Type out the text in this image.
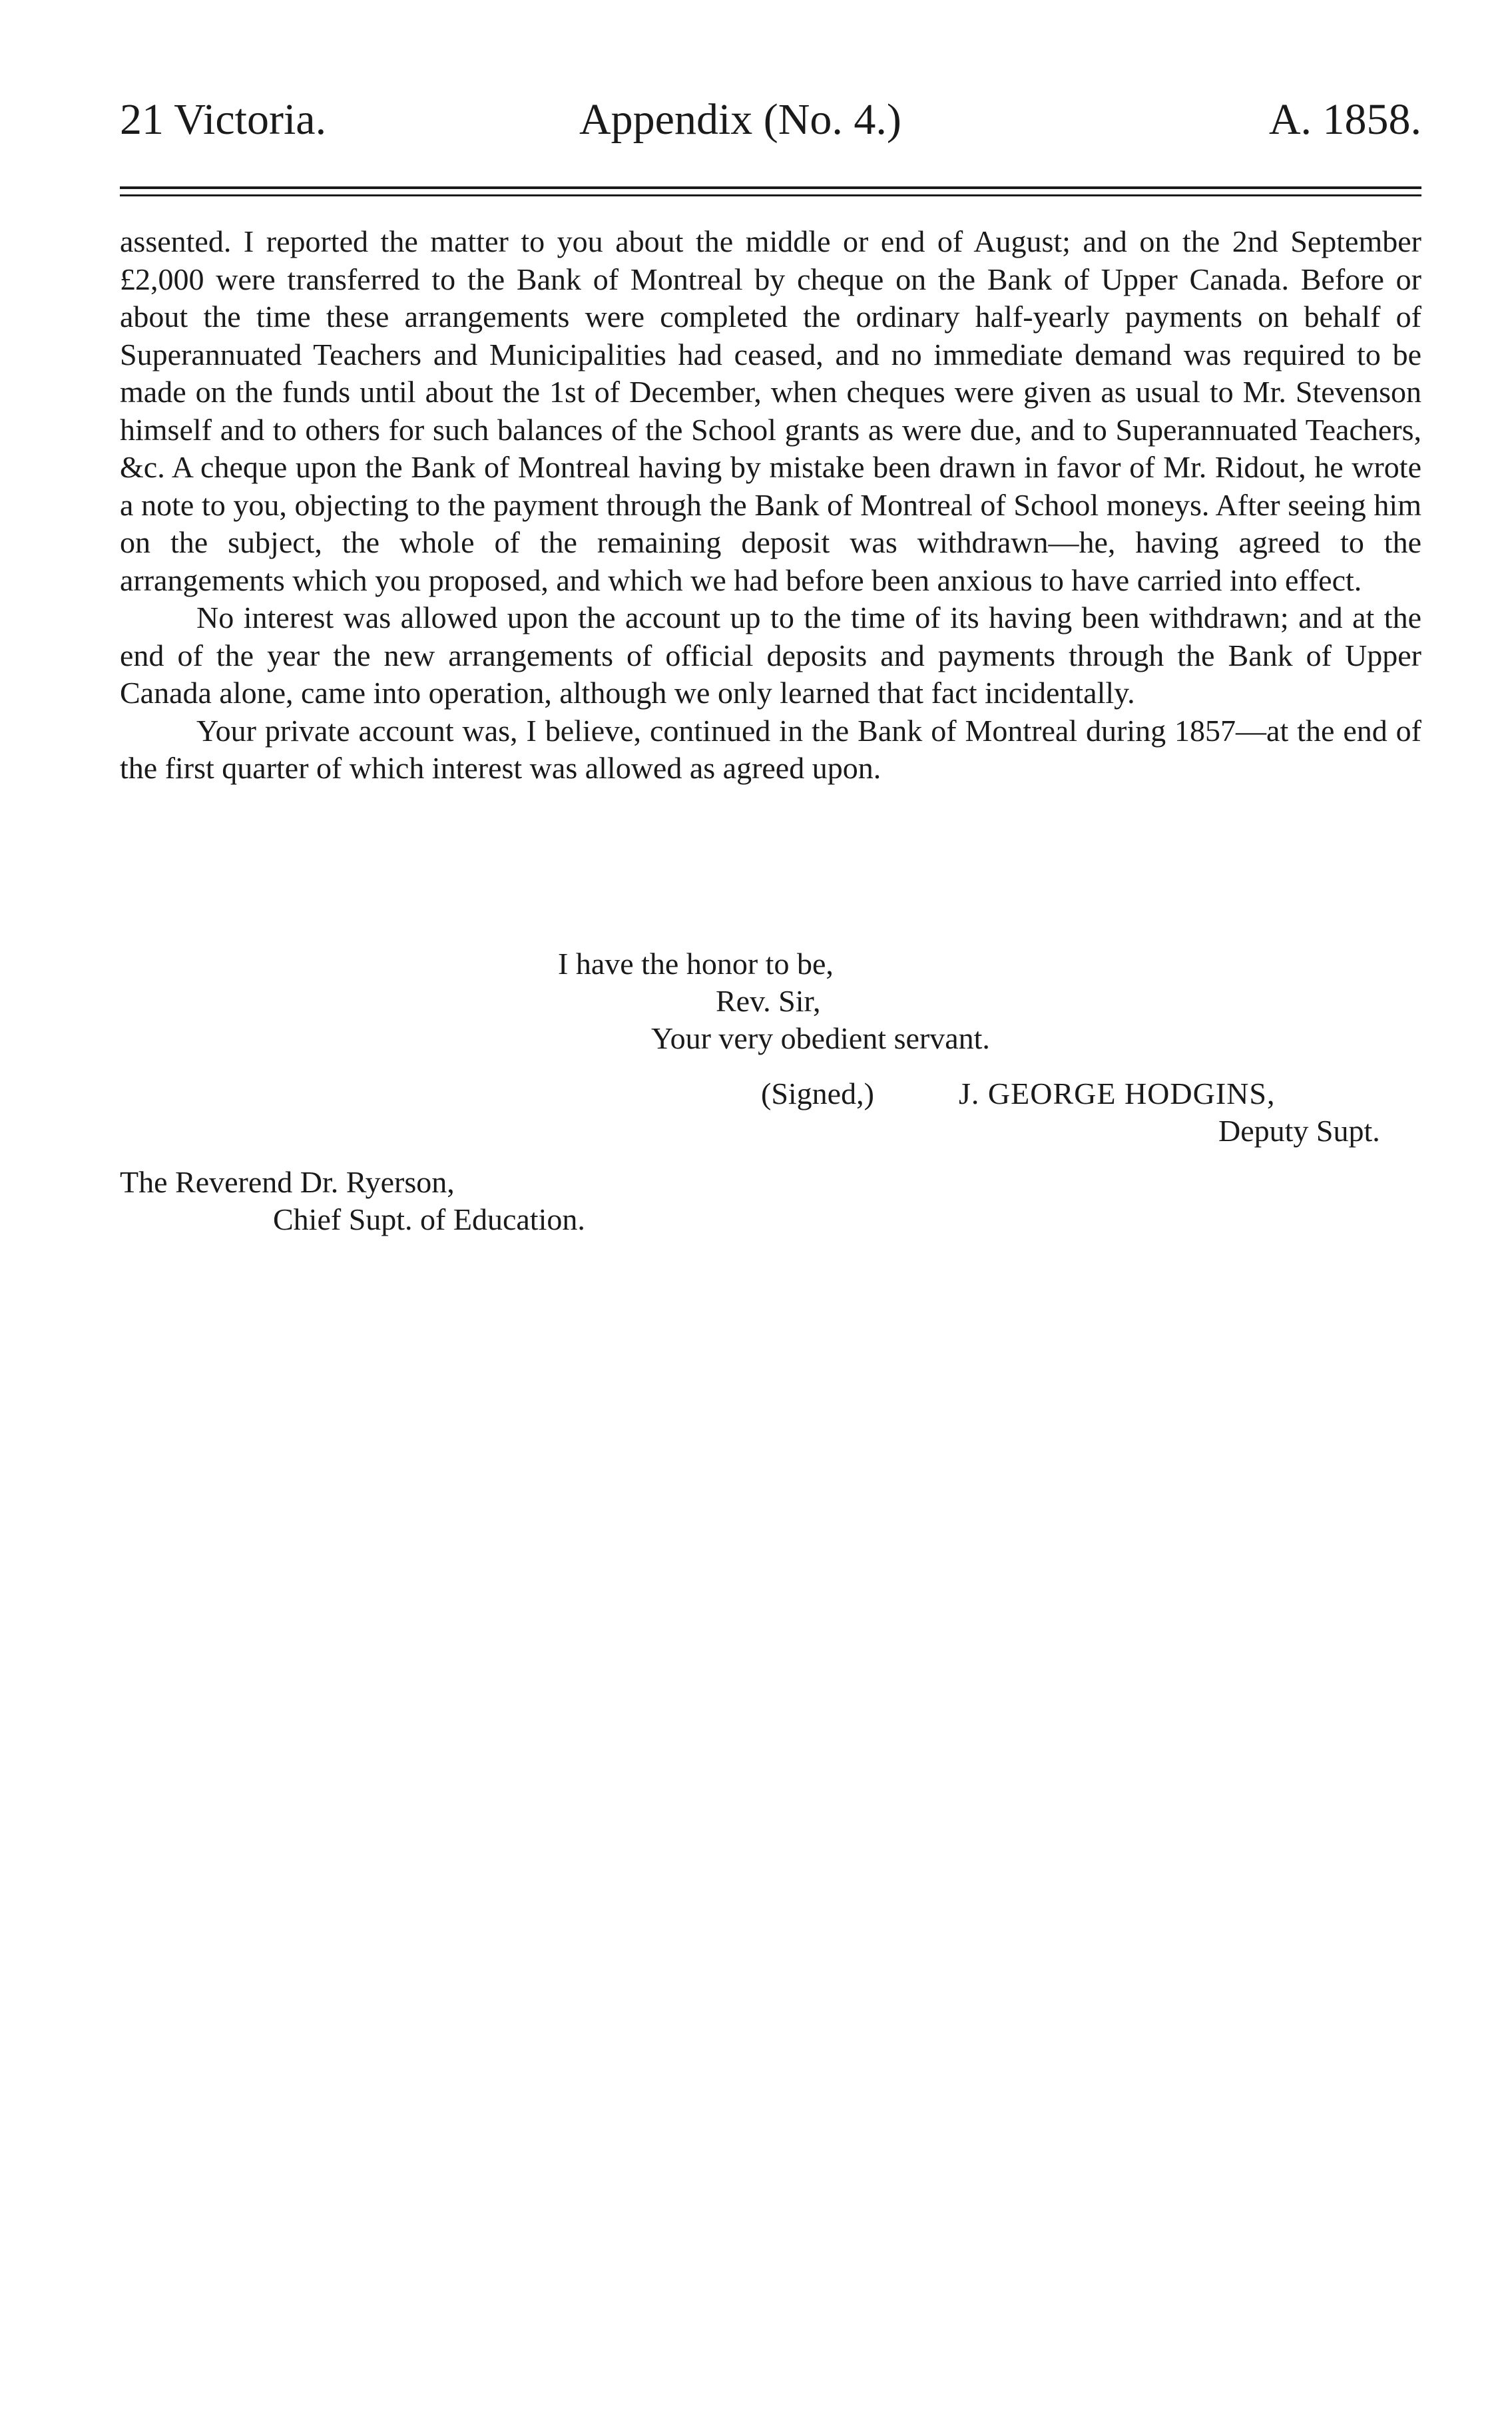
21 Victoria.	Appendix (No. 4.)	A. 1858.

assented. I reported the matter to you about the middle or end of August; and on the 2nd September £2,000 were transferred to the Bank of Montreal by cheque on the Bank of Upper Canada. Before or about the time these arrangements were completed the ordinary half-yearly payments on behalf of Superannuated Teachers and Municipalities had ceased, and no immediate demand was required to be made on the funds until about the 1st of December, when cheques were given as usual to Mr. Stevenson himself and to others for such balances of the School grants as were due, and to Superannuated Teachers, &c. A cheque upon the Bank of Montreal having by mistake been drawn in favor of Mr. Ridout, he wrote a note to you, objecting to the payment through the Bank of Montreal of School moneys. After seeing him on the subject, the whole of the remaining deposit was withdrawn—he, having agreed to the arrangements which you proposed, and which we had before been anxious to have carried into effect.

No interest was allowed upon the account up to the time of its having been withdrawn; and at the end of the year the new arrangements of official deposits and payments through the Bank of Upper Canada alone, came into operation, although we only learned that fact incidentally.

Your private account was, I believe, continued in the Bank of Montreal during 1857—at the end of the first quarter of which interest was allowed as agreed upon.

I have the honor to be,
Rev. Sir,
Your very obedient servant.
(Signed,)	J. GEORGE HODGINS,
Deputy Supt.
The Reverend Dr. Ryerson,
Chief Supt. of Education.
